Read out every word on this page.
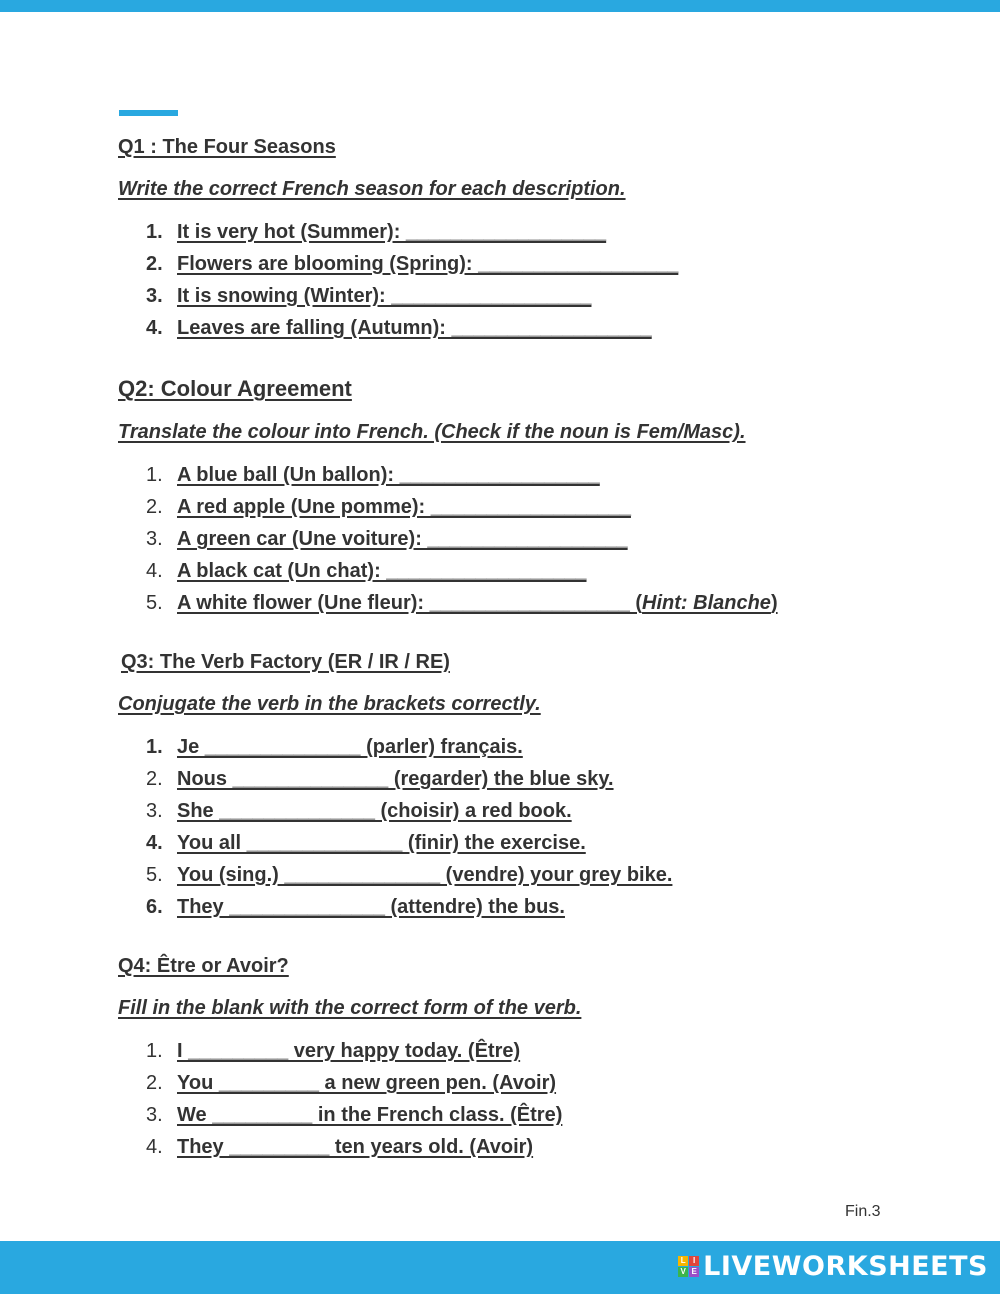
Q1 : The Four Seasons

Write the correct French season for each description.

1. It is very hot (Summer): __________________
2. Flowers are blooming (Spring): __________________
3. It is snowing (Winter): __________________
4. Leaves are falling (Autumn): __________________
Q2: Colour Agreement

Translate the colour into French. (Check if the noun is Fem/Masc).

1. A blue ball (Un ballon): __________________
2. A red apple (Une pomme): __________________
3. A green car (Une voiture): __________________
4. A black cat (Un chat): __________________
5. A white flower (Une fleur): __________________ (Hint: Blanche)
Q3: The Verb Factory (ER / IR / RE)

Conjugate the verb in the brackets correctly.

1. Je ______________ (parler) français.
2. Nous ______________ (regarder) the blue sky.
3. She ______________ (choisir) a red book.
4. You all ______________ (finir) the exercise.
5. You (sing.) ______________ (vendre) your grey bike.
6. They ______________ (attendre) the bus.
Q4: Être or Avoir?

Fill in the blank with the correct form of the verb.

1. I _________ very happy today. (Être)
2. You _________ a new green pen. (Avoir)
3. We _________ in the French class. (Être)
4. They _________ ten years old. (Avoir)
Fin.3
L I
V E LIVEWORKSHEETS
